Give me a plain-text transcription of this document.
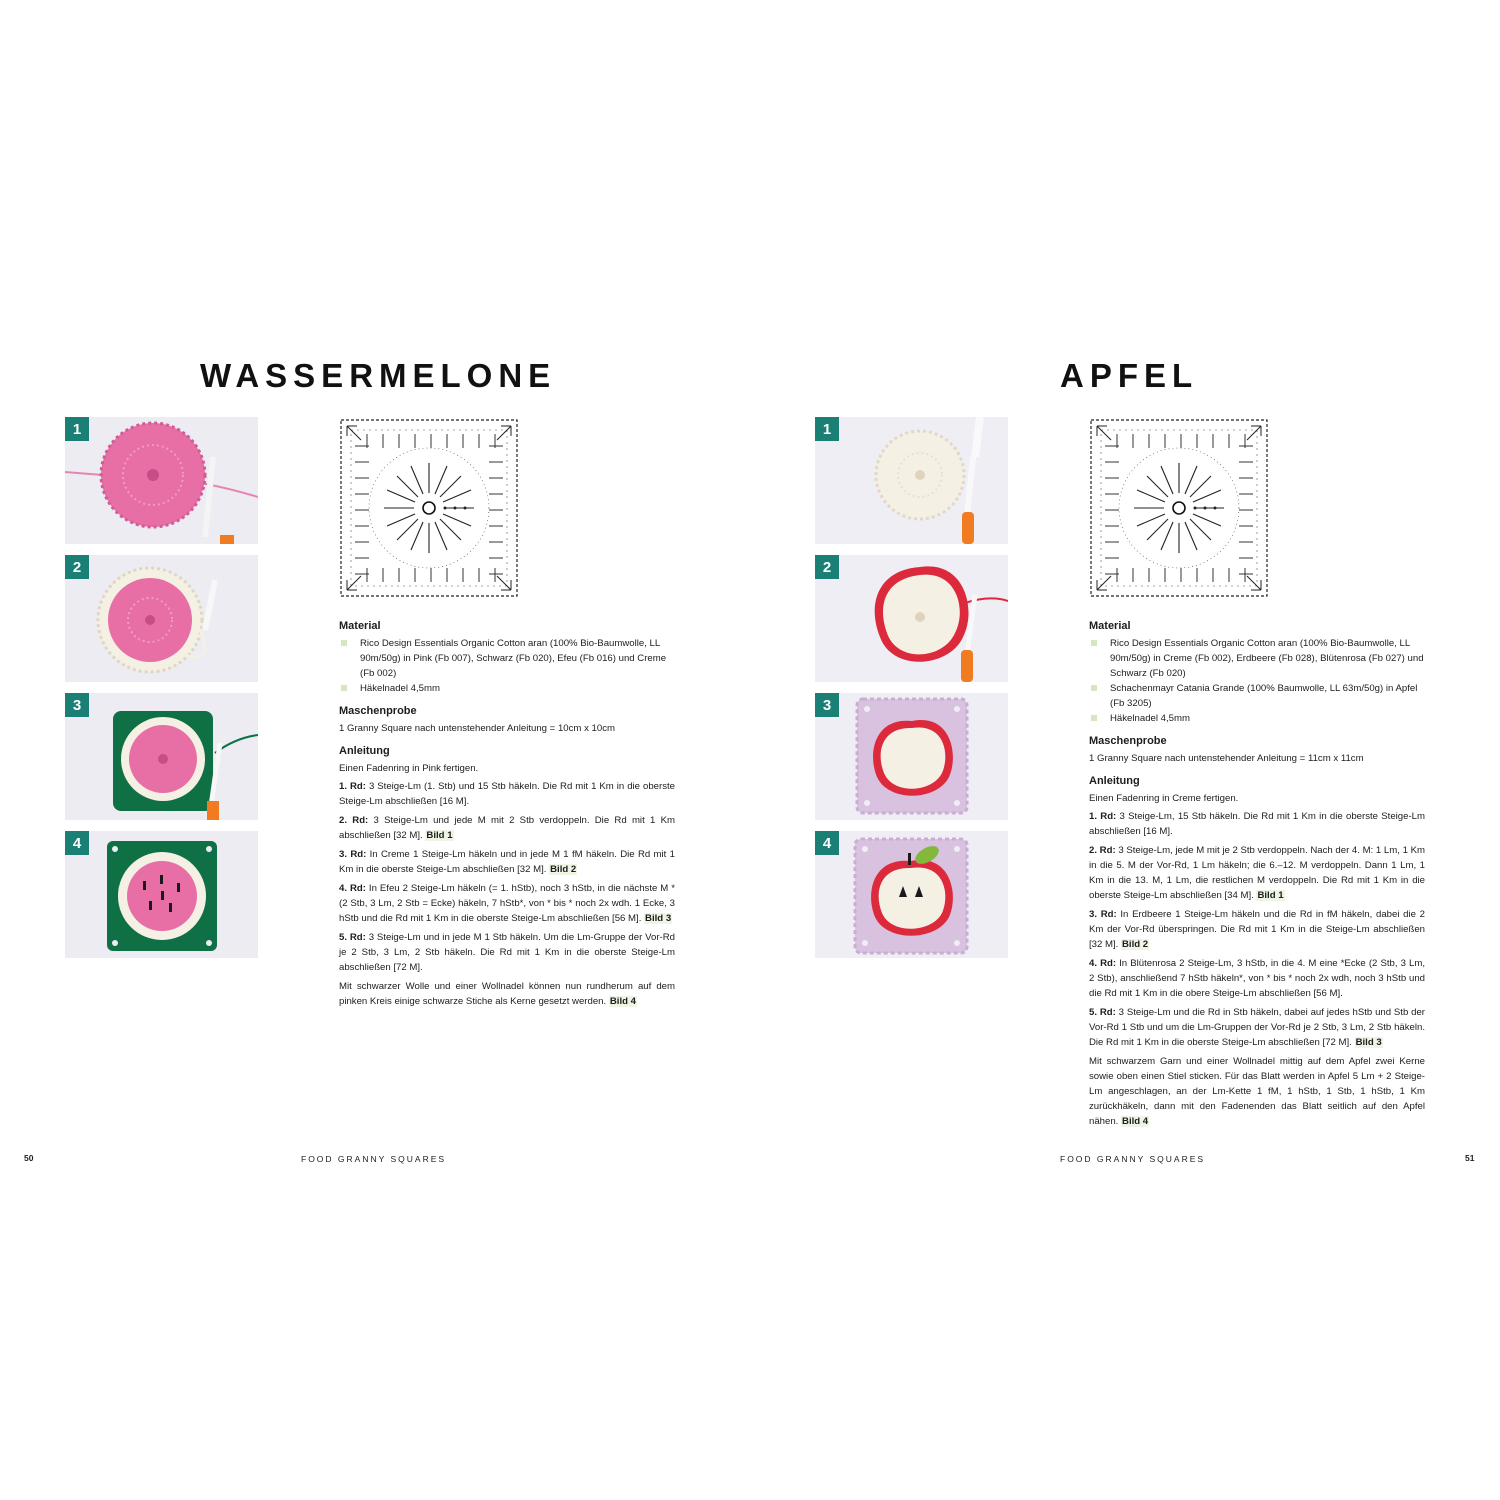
WASSERMELONE
1
2
3
4
Material
Rico Design Essentials Organic Cotton aran (100% Bio-Baumwolle, LL 90m/50g) in Pink (Fb 007), Schwarz (Fb 020), Efeu (Fb 016) und Creme (Fb 002)
Häkelnadel 4,5mm
Maschenprobe

1 Granny Square nach untenstehender Anleitung = 10cm x 10cm

Anleitung

Einen Fadenring in Pink fertigen.

1. Rd: 3 Steige-Lm (1. Stb) und 15 Stb häkeln. Die Rd mit 1 Km in die oberste Steige-Lm abschließen [16 M].

2. Rd: 3 Steige-Lm und jede M mit 2 Stb verdoppeln. Die Rd mit 1 Km abschließen [32 M]. Bild 1

3. Rd: In Creme 1 Steige-Lm häkeln und in jede M 1 fM häkeln. Die Rd mit 1 Km in die oberste Steige-Lm abschließen [32 M]. Bild 2

4. Rd: In Efeu 2 Steige-Lm häkeln (= 1. hStb), noch 3 hStb, in die nächste M *(2 Stb, 3 Lm, 2 Stb = Ecke) häkeln, 7 hStb*, von * bis * noch 2x wdh. 1 Ecke, 3 hStb und die Rd mit 1 Km in die oberste Steige-Lm abschließen [56 M]. Bild 3

5. Rd: 3 Steige-Lm und in jede M 1 Stb häkeln. Um die Lm-Gruppe der Vor-Rd je 2 Stb, 3 Lm, 2 Stb häkeln. Die Rd mit 1 Km in die oberste Steige-Lm abschließen [72 M].

Mit schwarzer Wolle und einer Wollnadel können nun rundherum auf dem pinken Kreis einige schwarze Stiche als Kerne gesetzt werden. Bild 4

50	FOOD GRANNY SQUARES
APFEL
1
2
3
4
Material
Rico Design Essentials Organic Cotton aran (100% Bio-Baumwolle, LL 90m/50g) in Creme (Fb 002), Erdbeere (Fb 028), Blütenrosa (Fb 027) und Schwarz (Fb 020)
Schachenmayr Catania Grande (100% Baumwolle, LL 63m/50g) in Apfel (Fb 3205)
Häkelnadel 4,5mm
Maschenprobe

1 Granny Square nach untenstehender Anleitung = 11cm x 11cm

Anleitung

Einen Fadenring in Creme fertigen.

1. Rd: 3 Steige-Lm, 15 Stb häkeln. Die Rd mit 1 Km in die oberste Steige-Lm abschließen [16 M].

2. Rd: 3 Steige-Lm, jede M mit je 2 Stb verdoppeln. Nach der 4. M: 1 Lm, 1 Km in die 5. M der Vor-Rd, 1 Lm häkeln; die 6.–12. M verdoppeln. Dann 1 Lm, 1 Km in die 13. M, 1 Lm, die restlichen M verdoppeln. Die Rd mit 1 Km in die oberste Steige-Lm abschließen [34 M]. Bild 1

3. Rd: In Erdbeere 1 Steige-Lm häkeln und die Rd in fM häkeln, dabei die 2 Km der Vor-Rd überspringen. Die Rd mit 1 Km in die Steige-Lm abschließen [32 M]. Bild 2

4. Rd: In Blütenrosa 2 Steige-Lm, 3 hStb, in die 4. M eine *Ecke (2 Stb, 3 Lm, 2 Stb), anschließend 7 hStb häkeln*, von * bis * noch 2x wdh, noch 3 hStb und die Rd mit 1 Km in die obere Steige-Lm abschließen [56 M].

5. Rd: 3 Steige-Lm und die Rd in Stb häkeln, dabei auf jedes hStb und Stb der Vor-Rd 1 Stb und um die Lm-Gruppen der Vor-Rd je 2 Stb, 3 Lm, 2 Stb häkeln. Die Rd mit 1 Km in die oberste Steige-Lm abschließen [72 M]. Bild 3

Mit schwarzem Garn und einer Wollnadel mittig auf dem Apfel zwei Kerne sowie oben einen Stiel sticken. Für das Blatt werden in Apfel 5 Lm + 2 Steige-Lm angeschlagen, an der Lm-Kette 1 fM, 1 hStb, 1 Stb, 1 hStb, 1 Km zurückhäkeln, dann mit den Fadenenden das Blatt seitlich auf den Apfel nähen. Bild 4

FOOD GRANNY SQUARES	51
